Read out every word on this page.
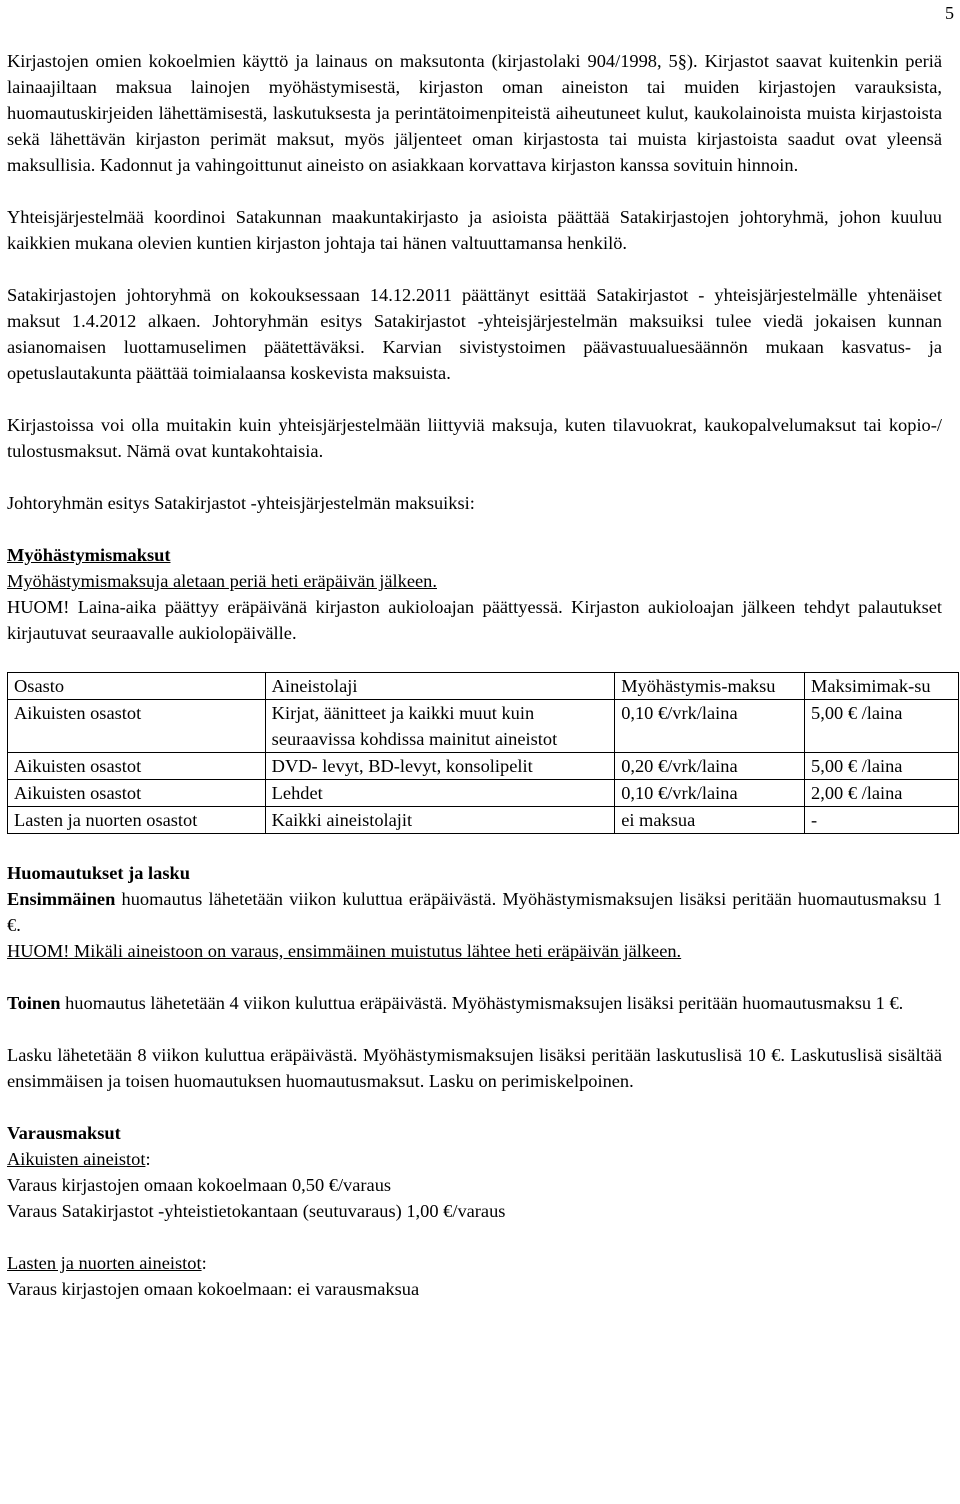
5

Kirjastojen omien kokoelmien käyttö ja lainaus on maksutonta (kirjastolaki 904/1998, 5§). Kirjastot saavat kuitenkin periä lainaajiltaan maksua lainojen myöhästymisestä, kirjaston oman aineiston tai muiden kirjastojen varauksista, huomautuskirjeiden lähettämisestä, laskutuksesta ja perintätoimenpiteistä aiheutuneet kulut, kaukolainoista muista kirjastoista sekä lähettävän kirjaston perimät maksut, myös jäljenteet oman kirjastosta tai muista kirjastoista saadut ovat yleensä maksullisia. Kadonnut ja vahingoittunut aineisto on asiakkaan korvattava kirjaston kanssa sovituin hinnoin.

Yhteisjärjestelmää koordinoi Satakunnan maakuntakirjasto ja asioista päättää Satakirjastojen johtoryhmä, johon kuuluu kaikkien mukana olevien kuntien kirjaston johtaja tai hänen valtuuttamansa henkilö.

Satakirjastojen johtoryhmä on kokouksessaan 14.12.2011 päättänyt esittää Satakirjastot - yhteisjärjestelmälle yhtenäiset maksut 1.4.2012 alkaen. Johtoryhmän esitys Satakirjastot -yhteisjärjestelmän maksuiksi tulee viedä jokaisen kunnan asianomaisen luottamuselimen päätettäväksi. Karvian sivistystoimen päävastuualuesäännön mukaan kasvatus- ja opetuslautakunta päättää toimialaansa koskevista maksuista.

Kirjastoissa voi olla muitakin kuin yhteisjärjestelmään liittyviä maksuja, kuten tilavuokrat, kaukopalvelumaksut tai kopio-/ tulostusmaksut. Nämä ovat kuntakohtaisia.

Johtoryhmän esitys Satakirjastot -yhteisjärjestelmän maksuiksi:

Myöhästymismaksut

Myöhästymismaksuja aletaan periä heti eräpäivän jälkeen.

HUOM! Laina-aika päättyy eräpäivänä kirjaston aukioloajan päättyessä. Kirjaston aukioloajan jälkeen tehdyt palautukset kirjautuvat seuraavalle aukiolopäivälle.

Osasto	Aineistolaji	Myöhästymis-maksu	Maksimimak-su
Aikuisten osastot	Kirjat, äänitteet ja kaikki muut kuin seuraavissa kohdissa mainitut aineistot	0,10 €/vrk/laina	5,00 € /laina
Aikuisten osastot	DVD- levyt, BD-levyt, konsolipelit	0,20 €/vrk/laina	5,00 € /laina
Aikuisten osastot	Lehdet	0,10 €/vrk/laina	2,00 € /laina
Lasten ja nuorten osastot	Kaikki aineistolajit	ei maksua	-

Huomautukset ja lasku

Ensimmäinen huomautus lähetetään viikon kuluttua eräpäivästä. Myöhästymismaksujen lisäksi peritään huomautusmaksu 1 €.

HUOM! Mikäli aineistoon on varaus, ensimmäinen muistutus lähtee heti eräpäivän jälkeen.

Toinen huomautus lähetetään 4 viikon kuluttua eräpäivästä. Myöhästymismaksujen lisäksi peritään huomautusmaksu 1 €.

Lasku lähetetään 8 viikon kuluttua eräpäivästä. Myöhästymismaksujen lisäksi peritään laskutuslisä 10 €. Laskutuslisä sisältää ensimmäisen ja toisen huomautuksen huomautusmaksut. Lasku on perimiskelpoinen.

Varausmaksut

Aikuisten aineistot:

Varaus kirjastojen omaan kokoelmaan 0,50 €/varaus

Varaus Satakirjastot -yhteistietokantaan (seutuvaraus) 1,00 €/varaus

Lasten ja nuorten aineistot:

Varaus kirjastojen omaan kokoelmaan: ei varausmaksua
